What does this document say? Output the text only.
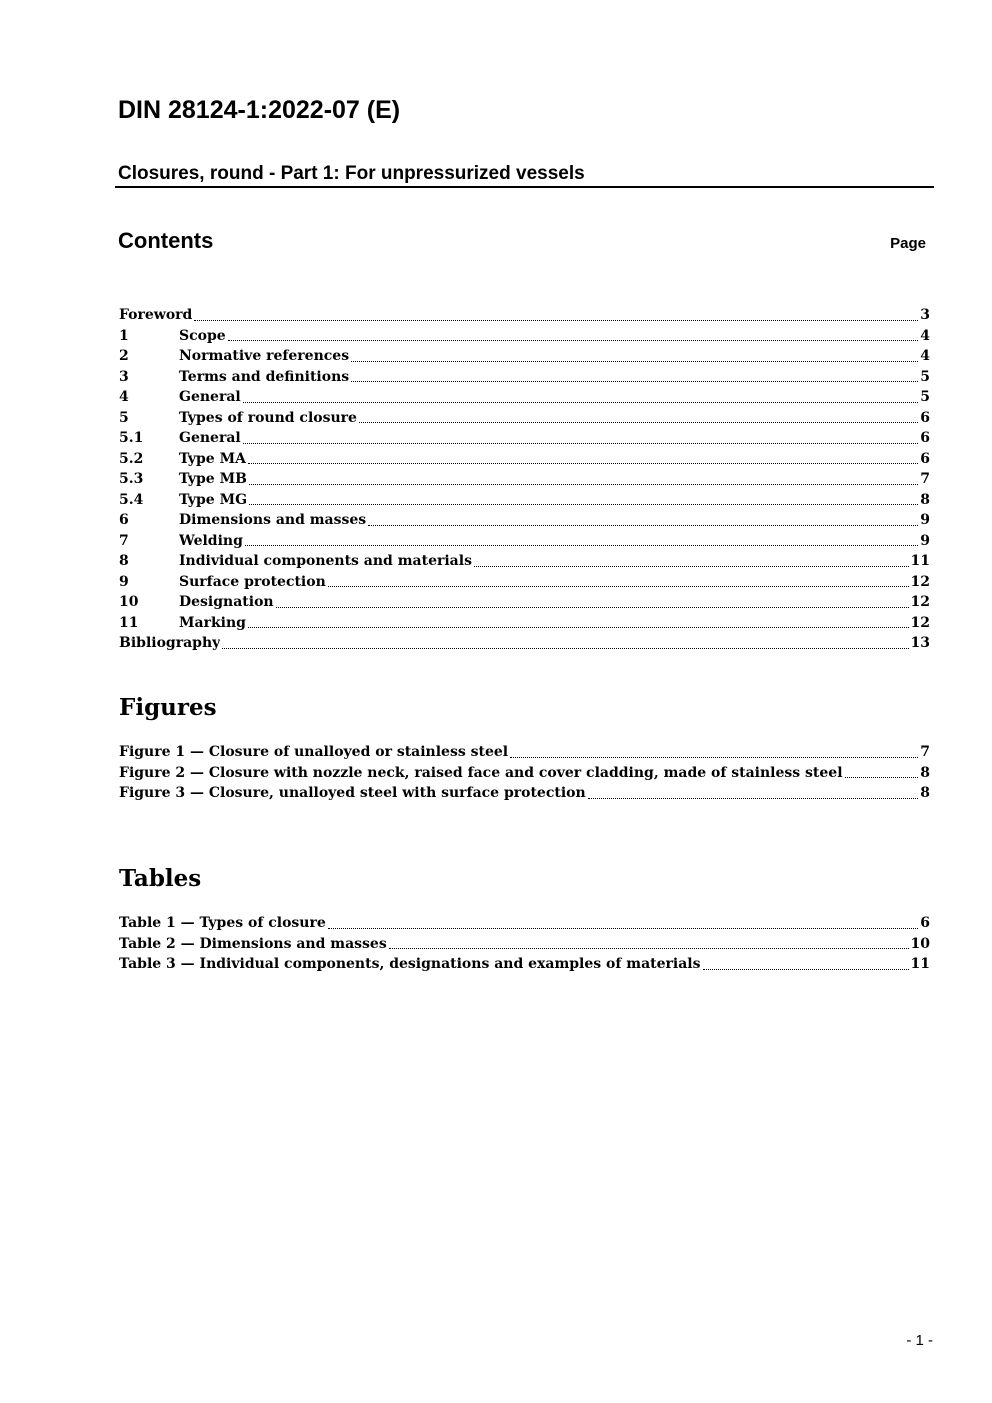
DIN 28124-1:2022-07 (E)
Closures, round - Part 1: For unpressurized vessels
Contents	Page
Foreword	3
1	Scope	4
2	Normative references	4
3	Terms and definitions	5
4	General	5
5	Types of round closure	6
5.1	General	6
5.2	Type MA	6
5.3	Type MB	7
5.4	Type MG	8
6	Dimensions and masses	9
7	Welding	9
8	Individual components and materials	11
9	Surface protection	12
10	Designation	12
11	Marking	12
Bibliography	13
Figures
Figure 1 — Closure of unalloyed or stainless steel	7
Figure 2 — Closure with nozzle neck, raised face and cover cladding, made of stainless steel	8
Figure 3 — Closure, unalloyed steel with surface protection	8
Tables
Table 1 — Types of closure	6
Table 2 — Dimensions and masses	10
Table 3 — Individual components, designations and examples of materials	11
- 1 -
